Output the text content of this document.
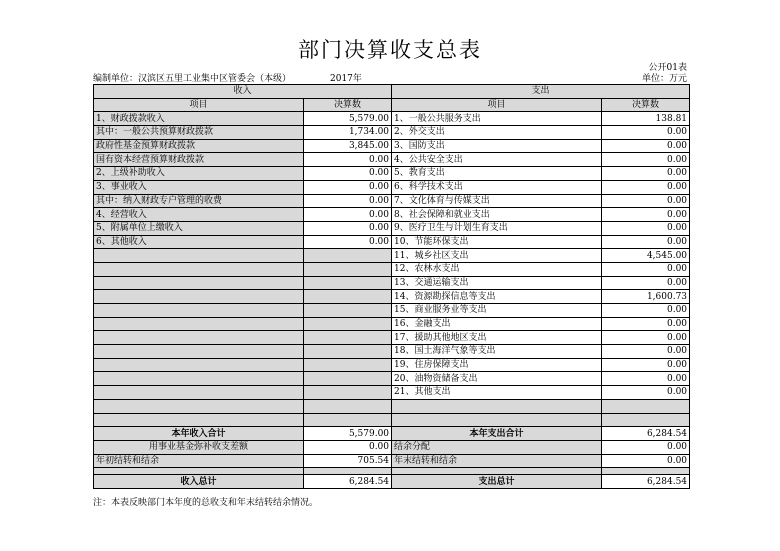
部门决算收支总表
公开01表
编制单位：汉滨区五里工业集中区管委会（本级）	2017年	单位：万元
收入		支出	
项目	决算数	项目	决算数
1、财政拨款收入	5,579.00	1、一般公共服务支出	138.81
其中：一般公共预算财政拨款	1,734.00	2、外交支出	0.00
政府性基金预算财政拨款	3,845.00	3、国防支出	0.00
国有资本经营预算财政拨款	0.00	4、公共安全支出	0.00
2、上级补助收入	0.00	5、教育支出	0.00
3、事业收入	0.00	6、科学技术支出	0.00
其中：纳入财政专户管理的收费	0.00	7、文化体育与传媒支出	0.00
4、经营收入	0.00	8、社会保障和就业支出	0.00
5、附属单位上缴收入	0.00	9、医疗卫生与计划生育支出	0.00
6、其他收入	0.00	10、节能环保支出	0.00
		11、城乡社区支出	4,545.00
		12、农林水支出	0.00
		13、交通运输支出	0.00
		14、资源勘探信息等支出	1,600.73
		15、商业服务业等支出	0.00
		16、金融支出	0.00
		17、援助其他地区支出	0.00
		18、国土海洋气象等支出	0.00
		19、住房保障支出	0.00
		20、油物资储备支出	0.00
		21、其他支出	0.00

本年收入合计	5,579.00	本年支出合计	6,284.54
用事业基金弥补收支差额	0.00	结余分配	0.00
年初结转和结余	705.54	年末结转和结余	0.00

收入总计	6,284.54	支出总计	6,284.54
注：本表反映部门本年度的总收支和年末结转结余情况。
